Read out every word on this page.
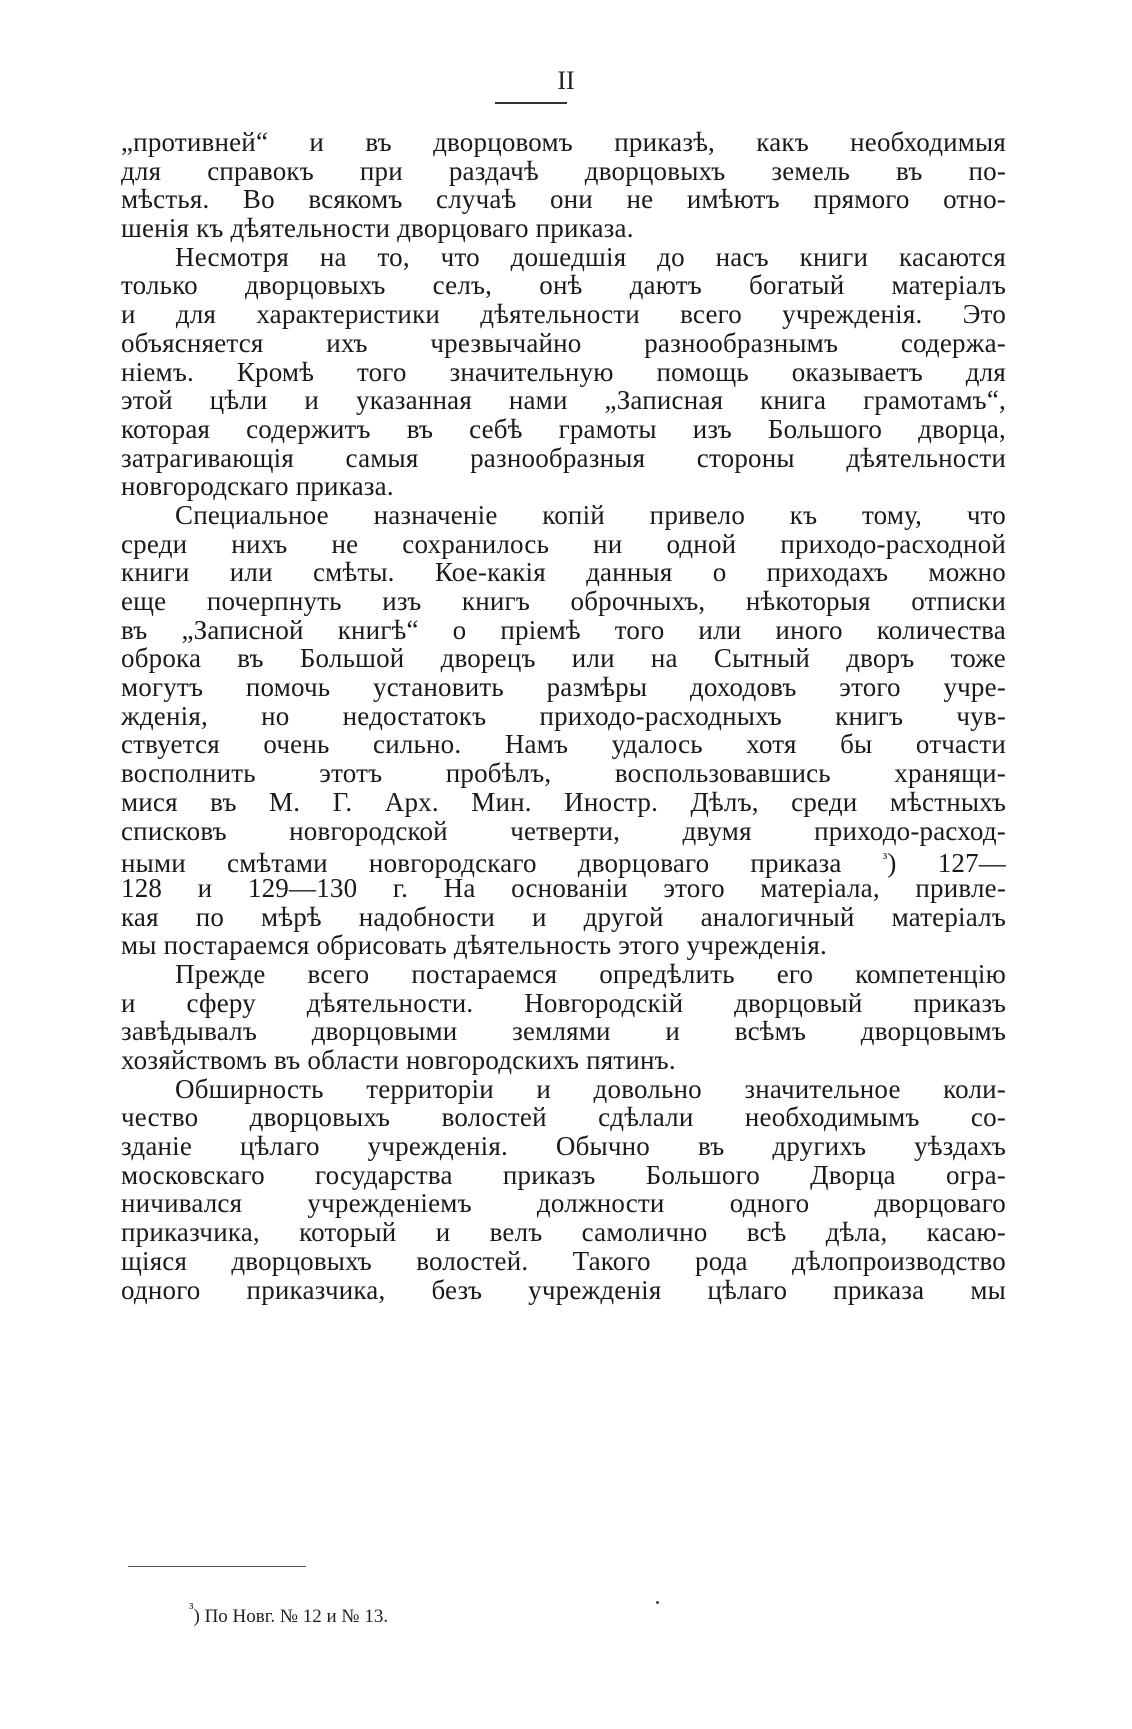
II
„противней“ и въ дворцовомъ приказѣ, какъ необходимыя
для справокъ при раздачѣ дворцовыхъ земель въ по-
мѣстья. Во всякомъ случаѣ они не имѣютъ прямого отно-
шенія къ дѣятельности дворцоваго приказа.
Несмотря на то, что дошедшія до насъ книги касаются
только дворцовыхъ селъ, онѣ даютъ богатый матеріалъ
и для характеристики дѣятельности всего учрежденія. Это
объясняется ихъ чрезвычайно разнообразнымъ содержа-
ніемъ. Кромѣ того значительную помощь оказываетъ для
этой цѣли и указанная нами „Записная книга грамотамъ“,
которая содержитъ въ себѣ грамоты изъ Большого дворца,
затрагивающія самыя разнообразныя стороны дѣятельности
новгородскаго приказа.
Специальное назначеніе копій привело къ тому, что
среди нихъ не сохранилось ни одной приходо-расходной
книги или смѣты. Кое-какія данныя о приходахъ можно
еще почерпнуть изъ книгъ оброчныхъ, нѣкоторыя отписки
въ „Записной книгѣ“ о пріемѣ того или иного количества
оброка въ Большой дворецъ или на Сытный дворъ тоже
могутъ помочь установить размѣры доходовъ этого учре-
жденія, но недостатокъ приходо-расходныхъ книгъ чув-
ствуется очень сильно. Намъ удалось хотя бы отчасти
восполнить этотъ пробѣлъ, воспользовавшись хранящи-
мися въ М. Г. Арх. Мин. Иностр. Дѣлъ, среди мѣстныхъ
списковъ новгородской четверти, двумя приходо-расход-
ными смѣтами новгородскаго дворцоваго приказа	$^{^3}$) 127—
128 и 129—130 г. На основаніи этого матеріала, привле-
кая по мѣрѣ надобности и другой аналогичный матеріалъ
мы постараемся обрисовать дѣятельность этого учрежденія.
Прежде всего постараемся опредѣлить его компетенцію
и сферу дѣятельности. Новгородскій дворцовый приказъ
завѣдывалъ дворцовыми землями и всѣмъ дворцовымъ
хозяйствомъ въ области новгородскихъ пятинъ.
Обширность территоріи и довольно значительное коли-
чество дворцовыхъ волостей сдѣлали необходимымъ со-
зданіе цѣлаго учрежденія. Обычно въ другихъ уѣздахъ
московскаго государства приказъ Большого Дворца огра-
ничивался учрежденіемъ должности одного дворцоваго
приказчика, который и велъ самолично всѣ дѣла, касаю-
щіяся дворцовыхъ волостей. Такого рода дѣлопроизводство
одного приказчика, безъ учрежденія цѣлаго приказа мы
$^{^3}$) По Новг. № 12 и № 13.
